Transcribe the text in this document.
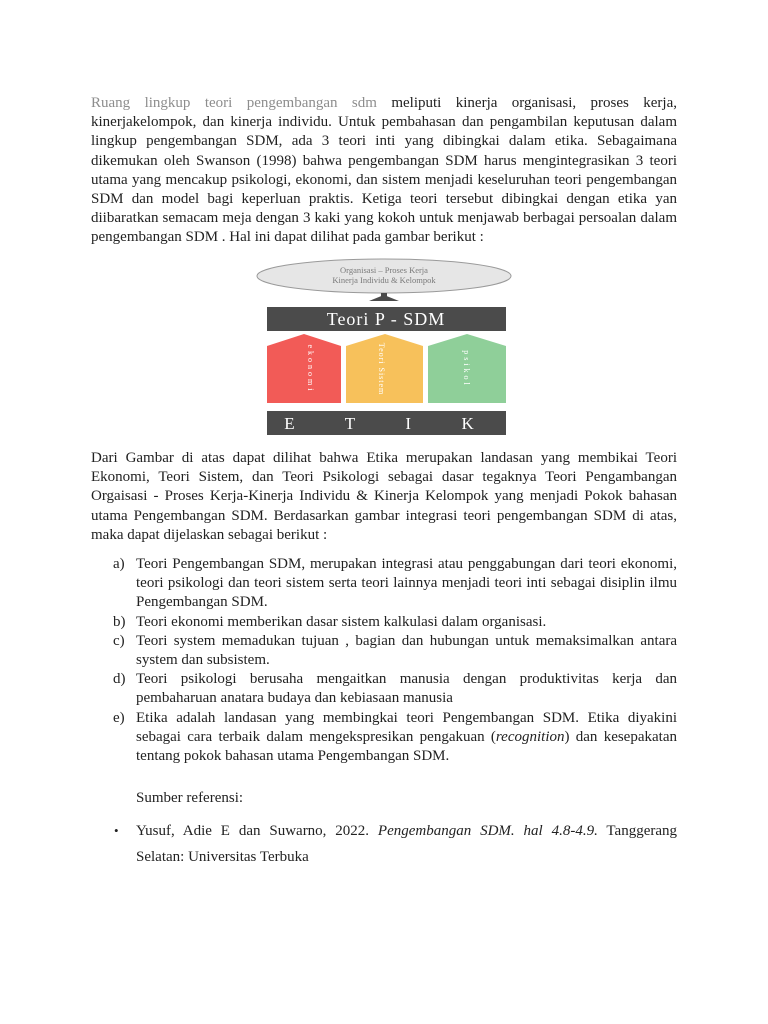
Ruang lingkup teori pengembangan sdm meliputi kinerja organisasi, proses kerja, kinerjakelompok, dan kinerja individu. Untuk pembahasan dan pengambilan keputusan dalam lingkup pengembangan SDM, ada 3 teori inti yang dibingkai dalam etika. Sebagaimana dikemukan oleh Swanson (1998) bahwa pengembangan SDM harus mengintegrasikan 3 teori utama yang mencakup psikologi, ekonomi, dan sistem menjadi keseluruhan teori pengembangan SDM dan model bagi keperluan praktis. Ketiga teori tersebut dibingkai dengan etika yan diibaratkan semacam meja dengan 3 kaki yang kokoh untuk menjawab berbagai persoalan dalam pengembangan SDM . Hal ini dapat dilihat pada gambar berikut :

Organisasi – Proses Kerja
Kinerja Individu & Kelompok
Teori P - SDM
ekonomi	Teori Sistem	psikol
E  T  I  K

Dari Gambar di atas dapat dilihat bahwa Etika merupakan landasan yang membikai Teori Ekonomi, Teori Sistem, dan Teori Psikologi sebagai dasar tegaknya Teori Pengambangan Orgaisasi - Proses Kerja-Kinerja Individu & Kinerja Kelompok yang menjadi Pokok bahasan utama Pengembangan SDM. Berdasarkan gambar integrasi teori pengembangan SDM di atas, maka dapat dijelaskan sebagai berikut :

a) Teori Pengembangan SDM, merupakan integrasi atau penggabungan dari teori ekonomi, teori psikologi dan teori sistem serta teori lainnya menjadi teori inti sebagai disiplin ilmu Pengembangan SDM.
b) Teori ekonomi memberikan dasar sistem kalkulasi dalam organisasi.
c) Teori system memadukan tujuan , bagian dan hubungan untuk memaksimalkan antara system dan subsistem.
d) Teori psikologi berusaha mengaitkan manusia dengan produktivitas kerja dan pembaharuan anatara budaya dan kebiasaan manusia
e) Etika adalah landasan yang membingkai teori Pengembangan SDM. Etika diyakini sebagai cara terbaik dalam mengekspresikan pengakuan (recognition) dan kesepakatan tentang pokok bahasan utama Pengembangan SDM.
Sumber referensi:
• Yusuf, Adie E dan Suwarno, 2022. Pengembangan SDM. hal 4.8-4.9. Tanggerang Selatan: Universitas Terbuka
